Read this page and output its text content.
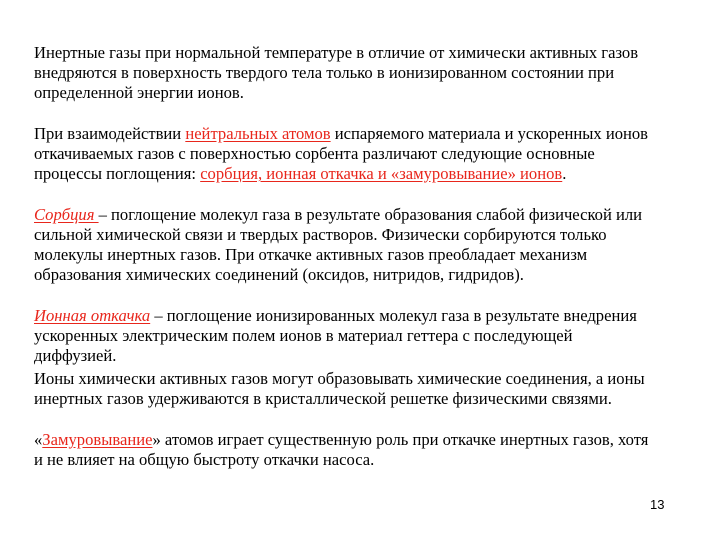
Инертные газы при нормальной температуре в отличие от химически активных газов
внедряются в поверхность твердого тела только в ионизированном состоянии при
определенной энергии ионов.

При взаимодействии нейтральных атомов испаряемого материала и ускоренных ионов
откачиваемых газов с поверхностью сорбента различают следующие основные
процессы поглощения: сорбция, ионная откачка и «замуровывание» ионов.

Сорбция – поглощение молекул газа в результате образования слабой физической или
сильной химической связи и твердых растворов. Физически сорбируются только
молекулы инертных газов. При откачке активных газов преобладает механизм
образования химических соединений (оксидов, нитридов, гидридов).

Ионная откачка – поглощение ионизированных молекул газа в результате внедрения
ускоренных электрическим полем ионов в материал геттера с последующей
диффузией.

Ионы химически активных газов могут образовывать химические соединения, а ионы
инертных газов удерживаются в кристаллической решетке физическими связями.

«Замуровывание» атомов играет существенную роль при откачке инертных газов, хотя
и не влияет на общую быстроту откачки насоса.

13
